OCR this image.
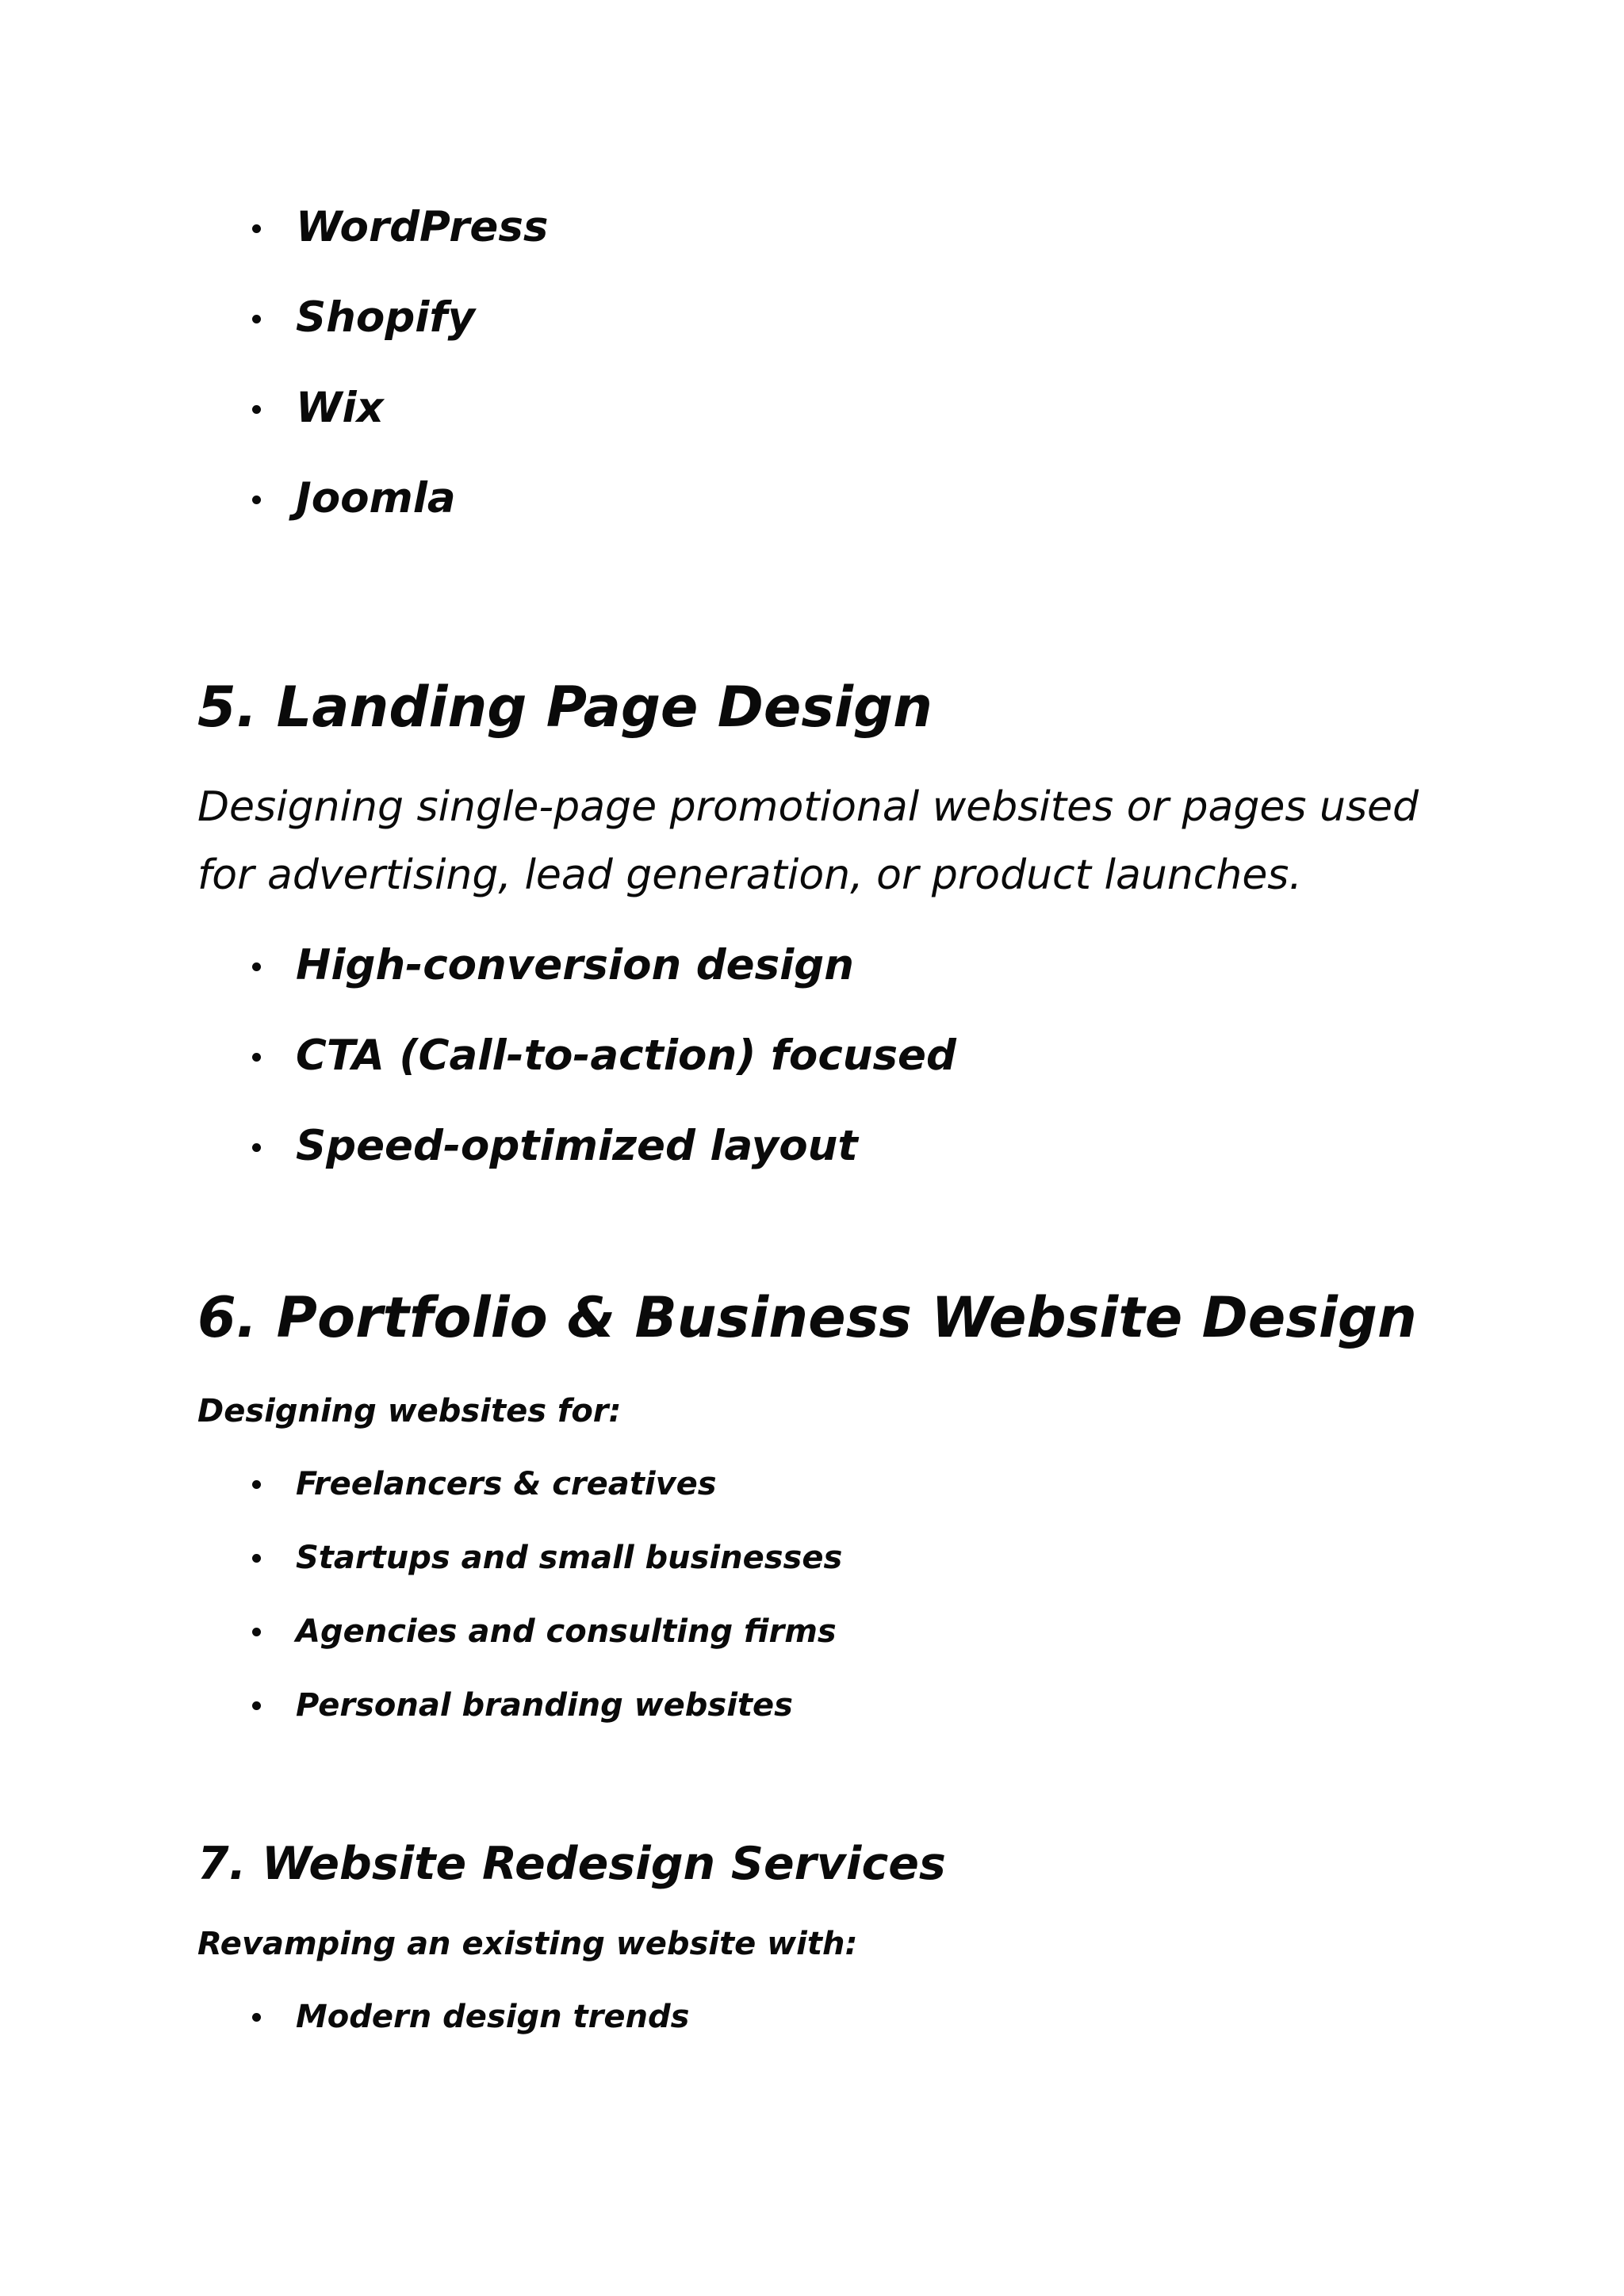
WordPress
Shopify
Wix
Joomla
5. Landing Page Design

Designing single-page promotional websites or pages used for advertising, lead generation, or product launches.

High-conversion design
CTA (Call-to-action) focused
Speed-optimized layout
6. Portfolio & Business Website Design

Designing websites for:

Freelancers & creatives
Startups and small businesses
Agencies and consulting firms
Personal branding websites
7. Website Redesign Services

Revamping an existing website with:

Modern design trends
